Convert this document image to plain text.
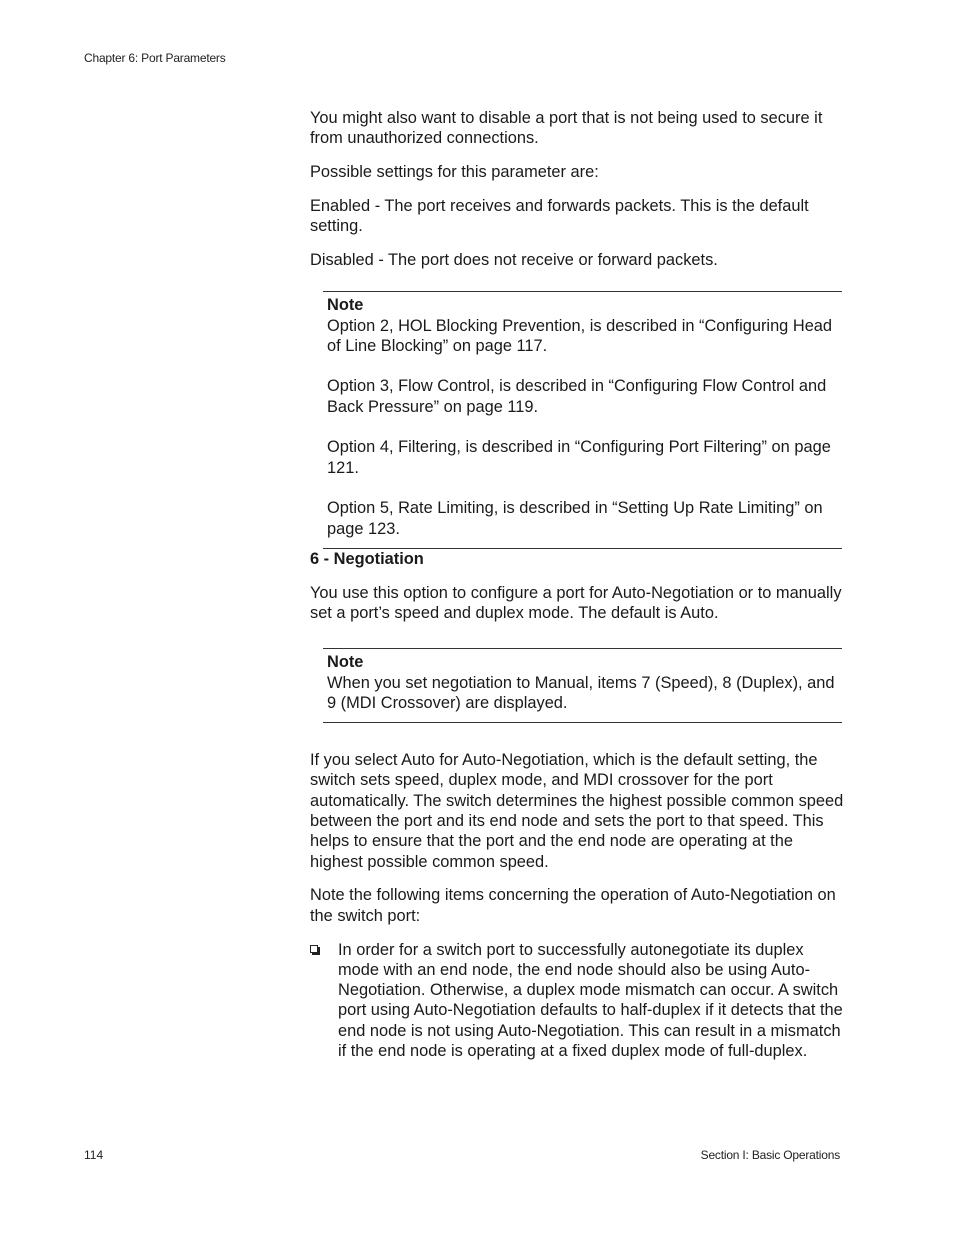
Chapter 6: Port Parameters

You might also want to disable a port that is not being used to secure it from unauthorized connections.

Possible settings for this parameter are:

Enabled - The port receives and forwards packets. This is the default setting.

Disabled - The port does not receive or forward packets.

Note

Option 2, HOL Blocking Prevention, is described in “Configuring Head of Line Blocking” on page 117.

Option 3, Flow Control, is described in “Configuring Flow Control and Back Pressure” on page 119.

Option 4, Filtering, is described in “Configuring Port Filtering” on page 121.

Option 5, Rate Limiting, is described in “Setting Up Rate Limiting” on page 123.

6 - Negotiation

You use this option to configure a port for Auto-Negotiation or to manually set a port’s speed and duplex mode. The default is Auto.

Note

When you set negotiation to Manual, items 7 (Speed), 8 (Duplex), and 9 (MDI Crossover) are displayed.

If you select Auto for Auto-Negotiation, which is the default setting, the switch sets speed, duplex mode, and MDI crossover for the port automatically. The switch determines the highest possible common speed between the port and its end node and sets the port to that speed. This helps to ensure that the port and the end node are operating at the highest possible common speed.

Note the following items concerning the operation of Auto-Negotiation on the switch port:

In order for a switch port to successfully autonegotiate its duplex mode with an end node, the end node should also be using Auto-Negotiation. Otherwise, a duplex mode mismatch can occur. A switch port using Auto-Negotiation defaults to half-duplex if it detects that the end node is not using Auto-Negotiation. This can result in a mismatch if the end node is operating at a fixed duplex mode of full-duplex.
114	Section I: Basic Operations
